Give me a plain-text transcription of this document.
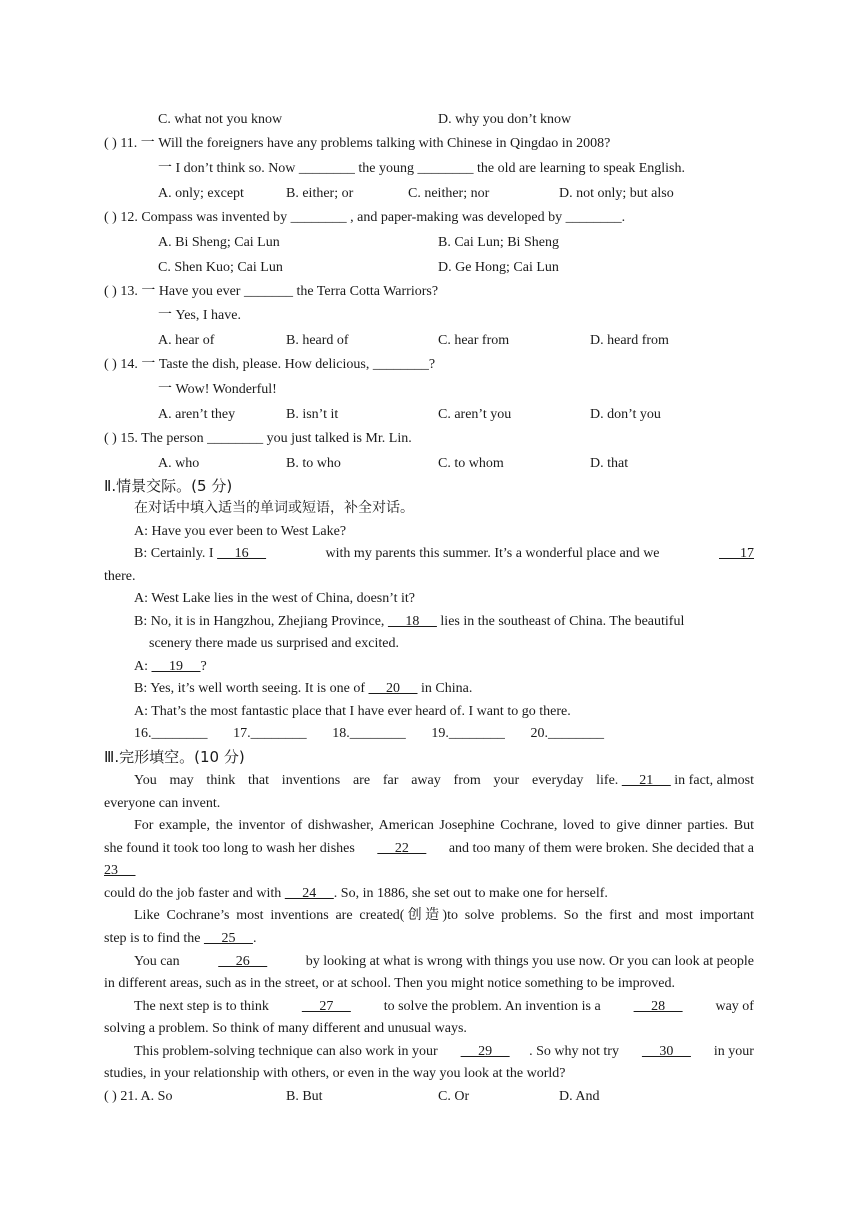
C. what not you know	D. why you don’t know
( ) 11. 一 Will the foreigners have any problems talking with Chinese in Qingdao in 2008?
一 I don’t think so. Now ________ the young ________ the old are learning to speak English.
A. only; except	B. either; or	C. neither; nor	D. not only; but also
( ) 12. Compass was invented by ________ , and paper-making was developed by ________.
A. Bi Sheng; Cai Lun	B. Cai Lun; Bi Sheng
C. Shen Kuo; Cai Lun	D. Ge Hong; Cai Lun
( ) 13. 一 Have you ever _______ the Terra Cotta Warriors?
一 Yes, I have.
A. hear of	B. heard of	C. hear from	D. heard from
( ) 14. 一 Taste the dish, please. How delicious, ________?
一 Wow! Wonderful!
A. aren’t they	B. isn’t it	C. aren’t you	D. don’t you
( ) 15. The person ________ you just talked is Mr. Lin.
A. who	B. to who	C. to whom	D. that
Ⅱ.情景交际。(5 分)
在对话中填入适当的单词或短语，补全对话。
A: Have you ever been to West Lake?
B: Certainly. I 16	with my parents this summer. It’s a wonderful place and we	17
there.
A: West Lake lies in the west of China, doesn’t it?
B: No, it is in Hangzhou, Zhejiang Province,      18      lies in the southeast of China. The beautiful
scenery there made us surprised and excited.
A:      19     ?
B: Yes, it’s well worth seeing. It is one of      20      in China.
A: That’s the most fantastic place that I have ever heard of. I want to go there.
16.________ 17.________ 18.________ 19.________ 20.________
Ⅲ.完形填空。(10 分)
You may think that inventions are far away from your everyday life. 21 in fact, almost
everyone can invent.
For example, the inventor of dishwasher, American Josephine Cochrane, loved to give dinner parties. But
she found it took too long to wash her dishes 22 and too many of them were broken. She decided that a
23
could do the job faster and with      24     . So, in 1886, she set out to make one for herself.
Like Cochrane’s most inventions are created(创造)to solve problems. So the first and most important
step is to find the      25     .
You can	26	by looking at what is wrong with things you use now. Or you can look at people
in different areas, such as in the street, or at school. Then you might notice something to be improved.
The next step is to think 27 to solve the problem. An invention is a 28 way of
solving a problem. So think of many different and unusual ways.
This problem-solving technique can also work in your 29 . So why not try 30 in your
studies, in your relationship with others, or even in the way you look at the world?
( ) 21. A. So	B. But	C. Or	D. And
